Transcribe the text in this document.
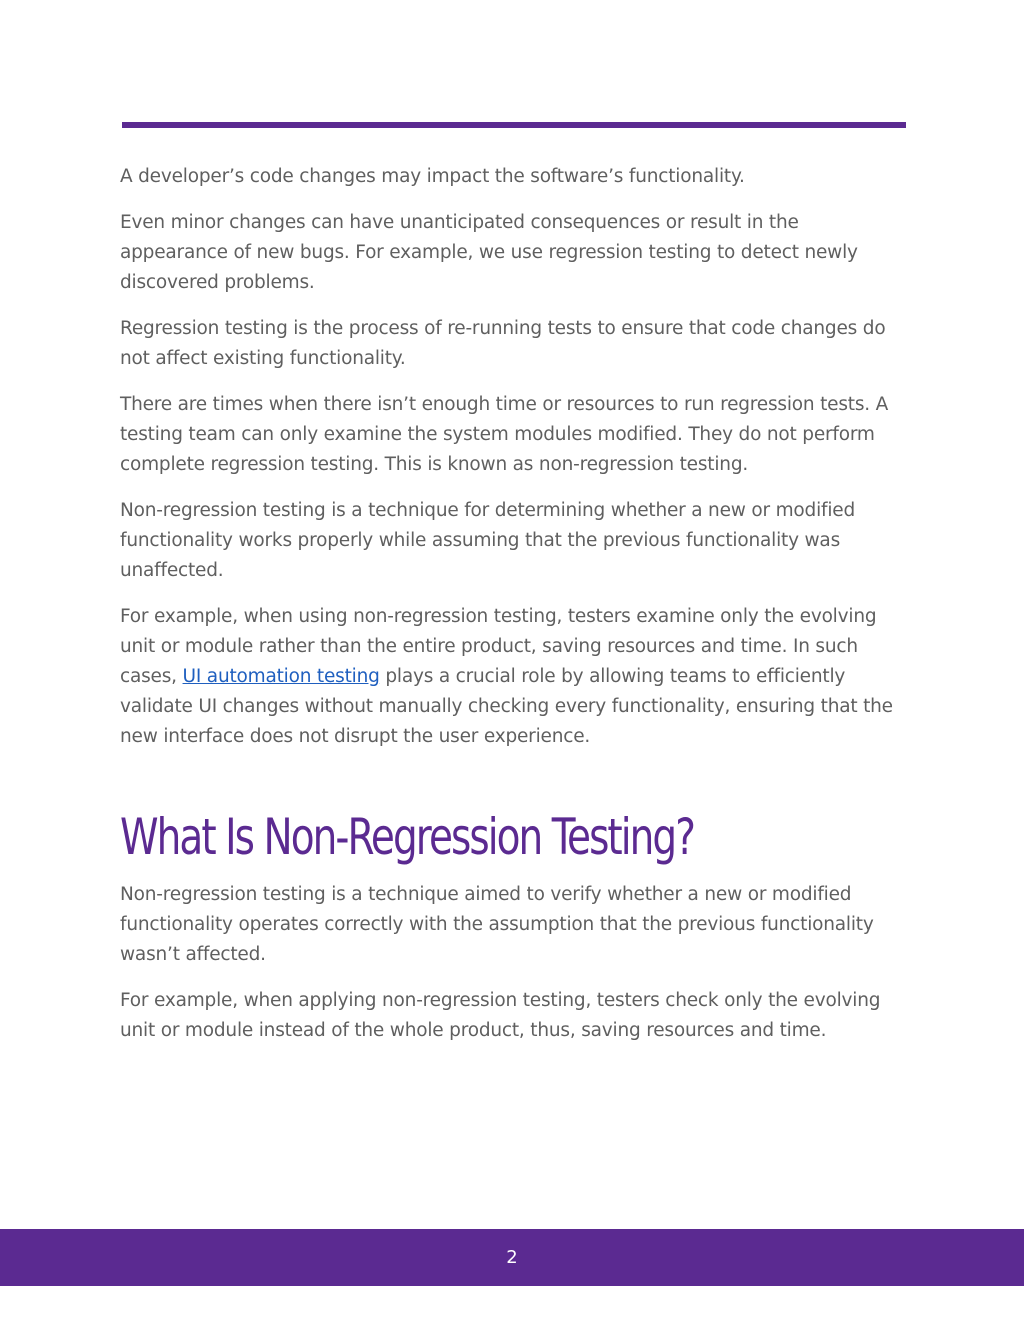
A developer’s code changes may impact the software’s functionality.

Even minor changes can have unanticipated consequences or result in the appearance of new bugs. For example, we use regression testing to detect newly discovered problems.

Regression testing is the process of re-running tests to ensure that code changes do not affect existing functionality.

There are times when there isn’t enough time or resources to run regression tests. A testing team can only examine the system modules modified. They do not perform complete regression testing. This is known as non-regression testing.

Non-regression testing is a technique for determining whether a new or modified functionality works properly while assuming that the previous functionality was unaffected.

For example, when using non-regression testing, testers examine only the evolving unit or module rather than the entire product, saving resources and time. In such cases, UI automation testing plays a crucial role by allowing teams to efficiently validate UI changes without manually checking every functionality, ensuring that the new interface does not disrupt the user experience.

What Is Non-Regression Testing?

Non-regression testing is a technique aimed to verify whether a new or modified functionality operates correctly with the assumption that the previous functionality wasn’t affected.

For example, when applying non-regression testing, testers check only the evolving unit or module instead of the whole product, thus, saving resources and time.

2
